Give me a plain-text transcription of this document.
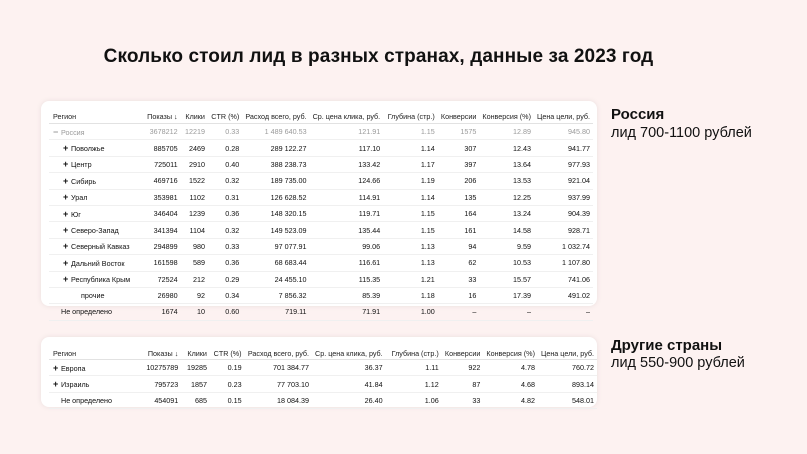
Сколько стоил лид в разных странах, данные за 2023 год
Регион	Показы ↓	Клики	CTR (%)	Расход всего, руб.	Ср. цена клика, руб.	Глубина (стр.)	Конверсии	Конверсия (%)	Цена цели, руб.
− Россия	3678212	12219	0.33	1 489 640.53	121.91	1.15	1575	12.89	945.80
+ Поволжье	885705	2469	0.28	289 122.27	117.10	1.14	307	12.43	941.77
+ Центр	725011	2910	0.40	388 238.73	133.42	1.17	397	13.64	977.93
+ Сибирь	469716	1522	0.32	189 735.00	124.66	1.19	206	13.53	921.04
+ Урал	353981	1102	0.31	126 628.52	114.91	1.14	135	12.25	937.99
+ Юг	346404	1239	0.36	148 320.15	119.71	1.15	164	13.24	904.39
+ Северо-Запад	341394	1104	0.32	149 523.09	135.44	1.15	161	14.58	928.71
+ Северный Кавказ	294899	980	0.33	97 077.91	99.06	1.13	94	9.59	1 032.74
+ Дальний Восток	161598	589	0.36	68 683.44	116.61	1.13	62	10.53	1 107.80
+ Республика Крым	72524	212	0.29	24 455.10	115.35	1.21	33	15.57	741.06
прочие	26980	92	0.34	7 856.32	85.39	1.18	16	17.39	491.02
Не определено	1674	10	0.60	719.11	71.91	1.00	–	–	–
Россия
лид 700-1100 рублей
Регион	Показы ↓	Клики	CTR (%)	Расход всего, руб.	Ср. цена клика, руб.	Глубина (стр.)	Конверсии	Конверсия (%)	Цена цели, руб.
+ Европа	10275789	19285	0.19	701 384.77	36.37	1.11	922	4.78	760.72
+ Израиль	795723	1857	0.23	77 703.10	41.84	1.12	87	4.68	893.14
Не определено	454091	685	0.15	18 084.39	26.40	1.06	33	4.82	548.01
Другие страны
лид 550-900 рублей
